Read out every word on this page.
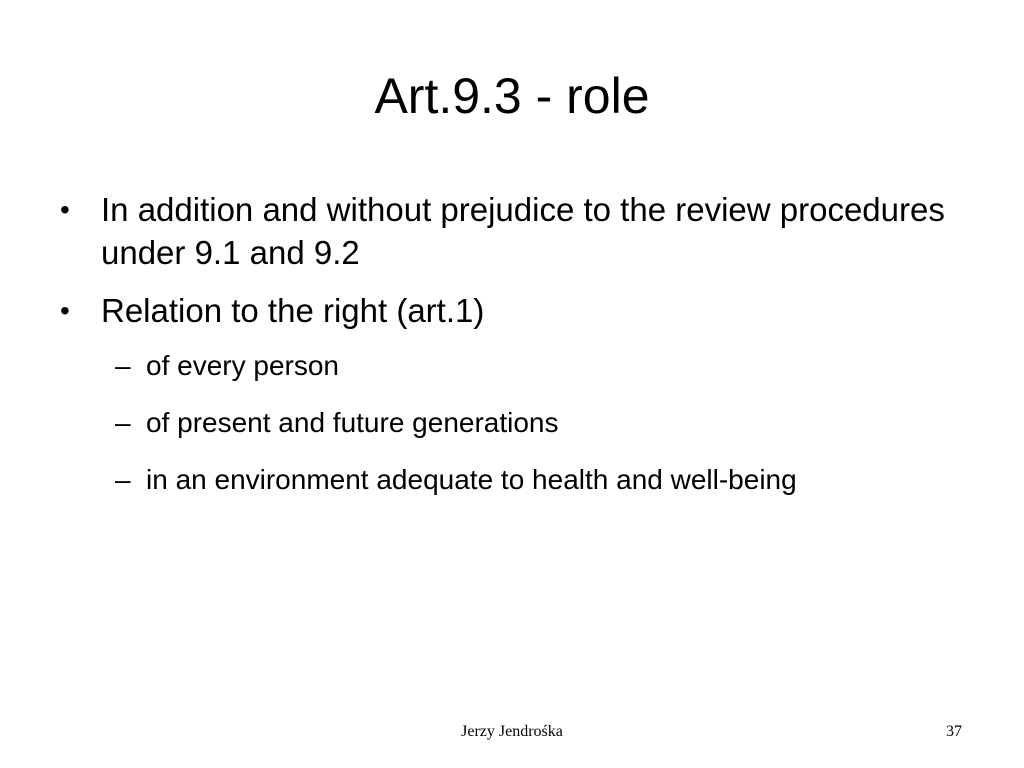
Art.9.3 - role
• In addition and without prejudice to the review procedures under 9.1 and 9.2
• Relation to the right (art.1)
– of every person
– of present and future generations
– in an environment adequate to health and well-being
Jerzy Jendrośka	37
